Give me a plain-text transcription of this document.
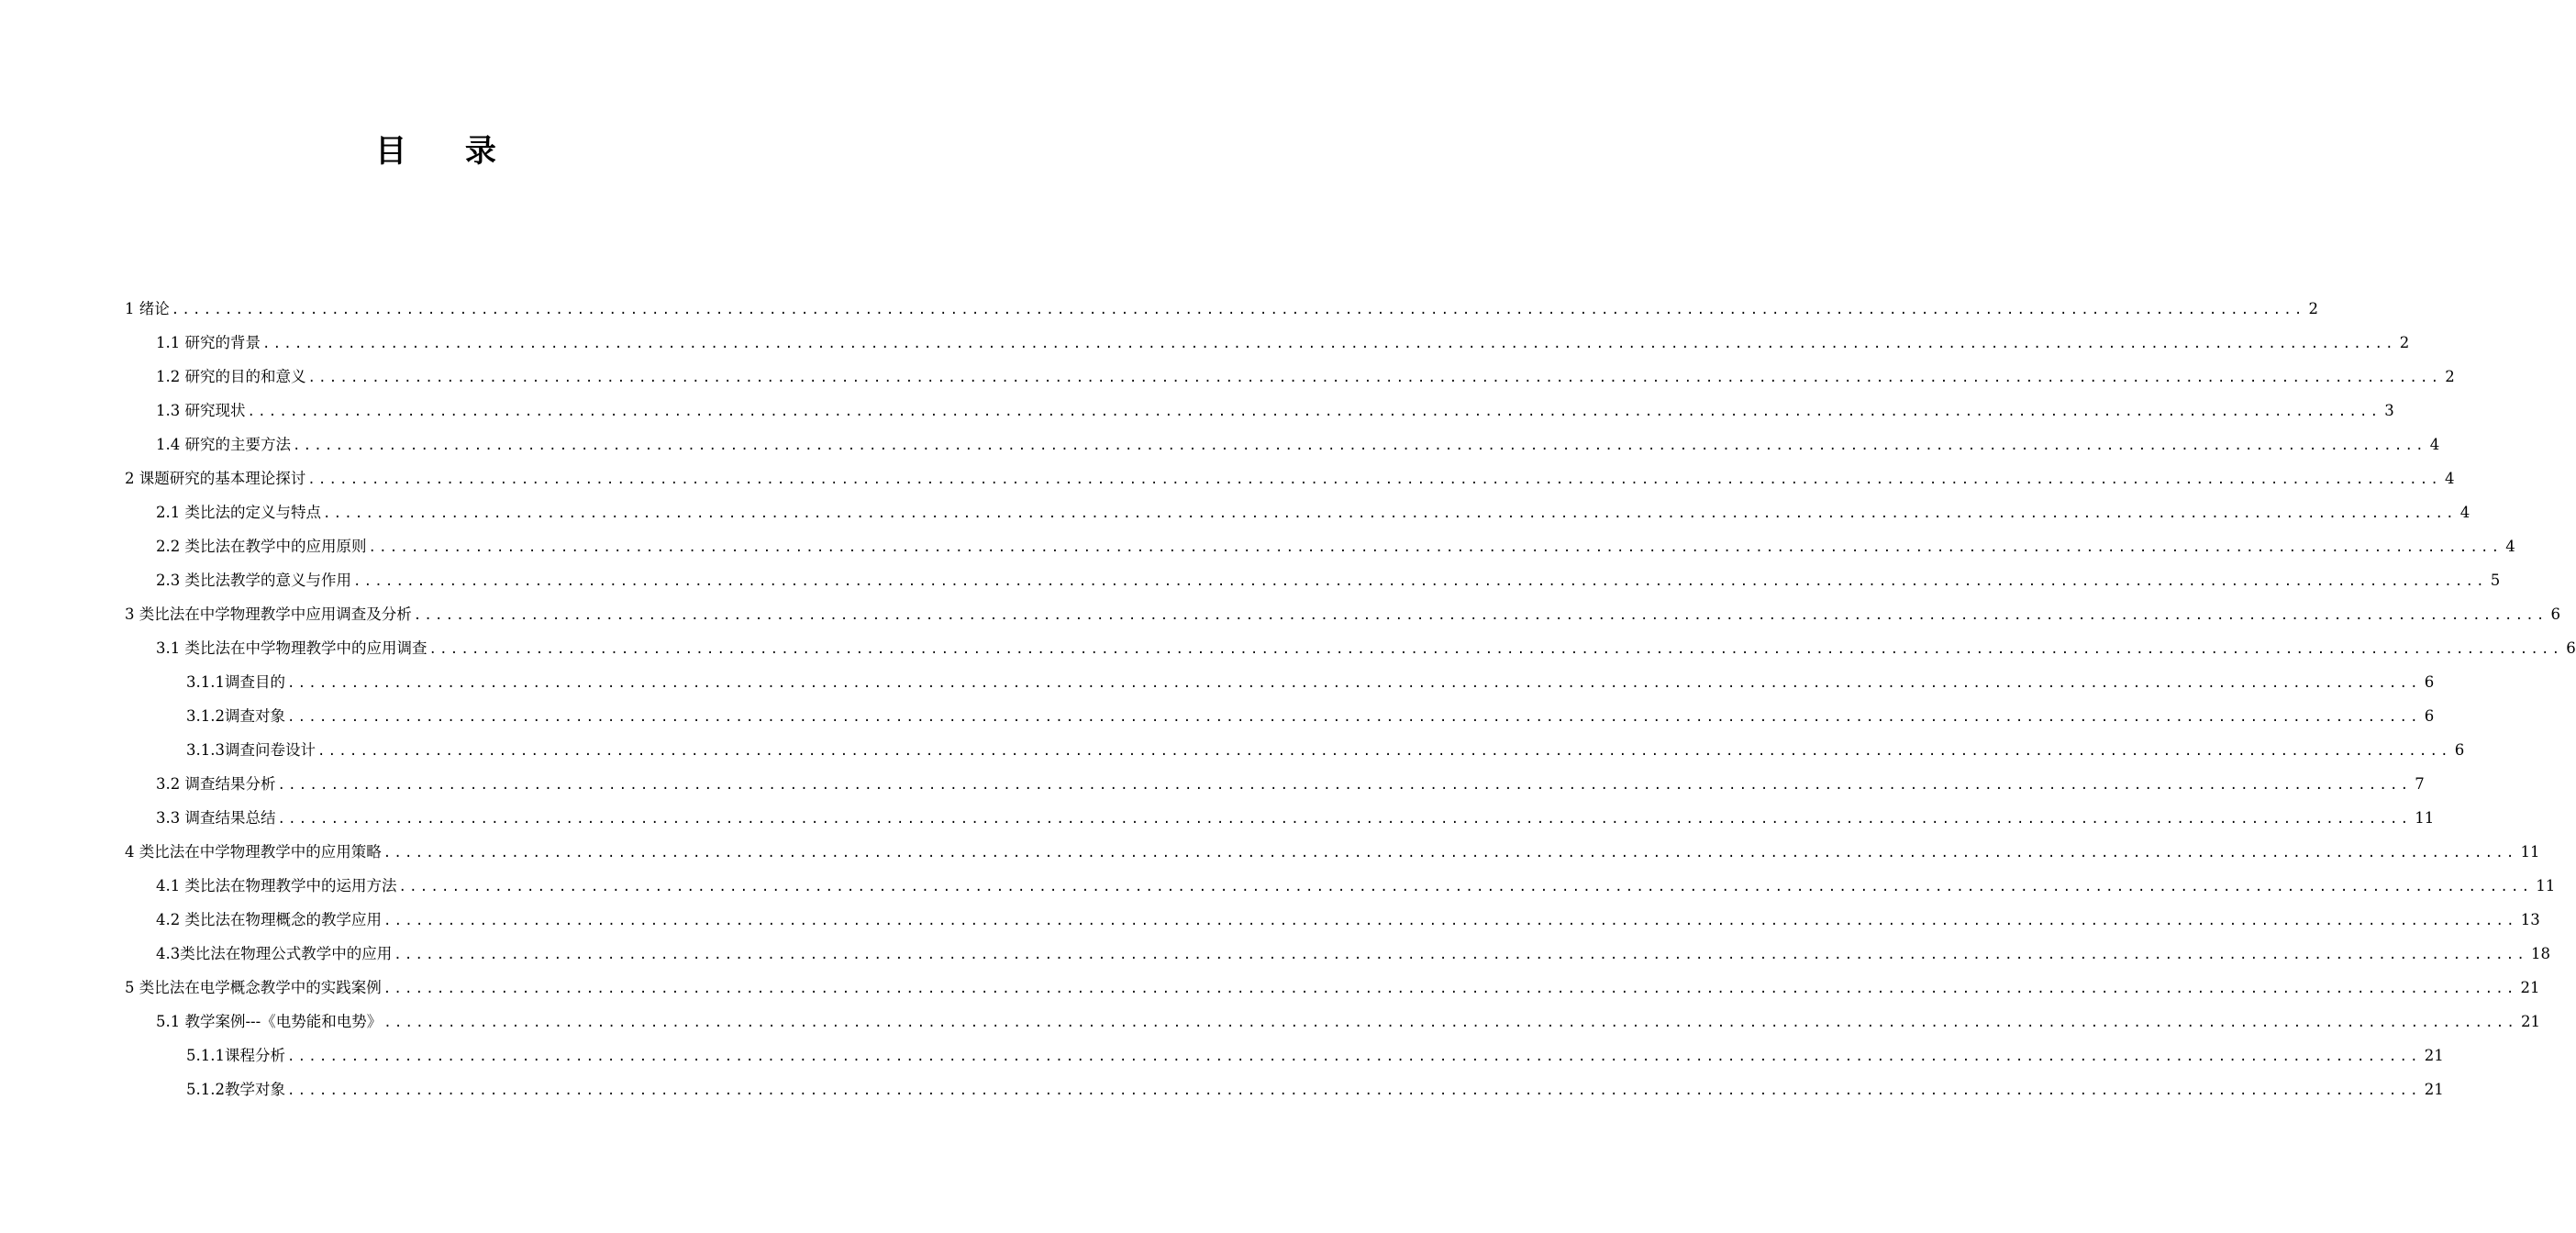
目 录
1 绪论 ........................................................................................................................................................................................................ 2
1.1 研究的背景 ........................................................................................................................................................................................................ 2
1.2 研究的目的和意义 ........................................................................................................................................................................................................ 2
1.3 研究现状 ........................................................................................................................................................................................................ 3
1.4 研究的主要方法 ........................................................................................................................................................................................................ 4
2 课题研究的基本理论探讨 ........................................................................................................................................................................................................ 4
2.1 类比法的定义与特点 ........................................................................................................................................................................................................ 4
2.2 类比法在教学中的应用原则 ........................................................................................................................................................................................................ 4
2.3 类比法教学的意义与作用 ........................................................................................................................................................................................................ 5
3 类比法在中学物理教学中应用调查及分析 ........................................................................................................................................................................................................ 6
3.1 类比法在中学物理教学中的应用调查 ........................................................................................................................................................................................................ 6
3.1.1调查目的 ........................................................................................................................................................................................................ 6
3.1.2调查对象 ........................................................................................................................................................................................................ 6
3.1.3调查问卷设计 ........................................................................................................................................................................................................ 6
3.2 调查结果分析 ........................................................................................................................................................................................................ 7
3.3 调查结果总结 ........................................................................................................................................................................................................ 11
4 类比法在中学物理教学中的应用策略 ........................................................................................................................................................................................................ 11
4.1 类比法在物理教学中的运用方法 ........................................................................................................................................................................................................ 11
4.2 类比法在物理概念的教学应用 ........................................................................................................................................................................................................ 13
4.3类比法在物理公式教学中的应用 ........................................................................................................................................................................................................ 18
5 类比法在电学概念教学中的实践案例 ........................................................................................................................................................................................................ 21
5.1 教学案例---《电势能和电势》 ........................................................................................................................................................................................................ 21
5.1.1课程分析 ........................................................................................................................................................................................................ 21
5.1.2教学对象 ........................................................................................................................................................................................................ 21
